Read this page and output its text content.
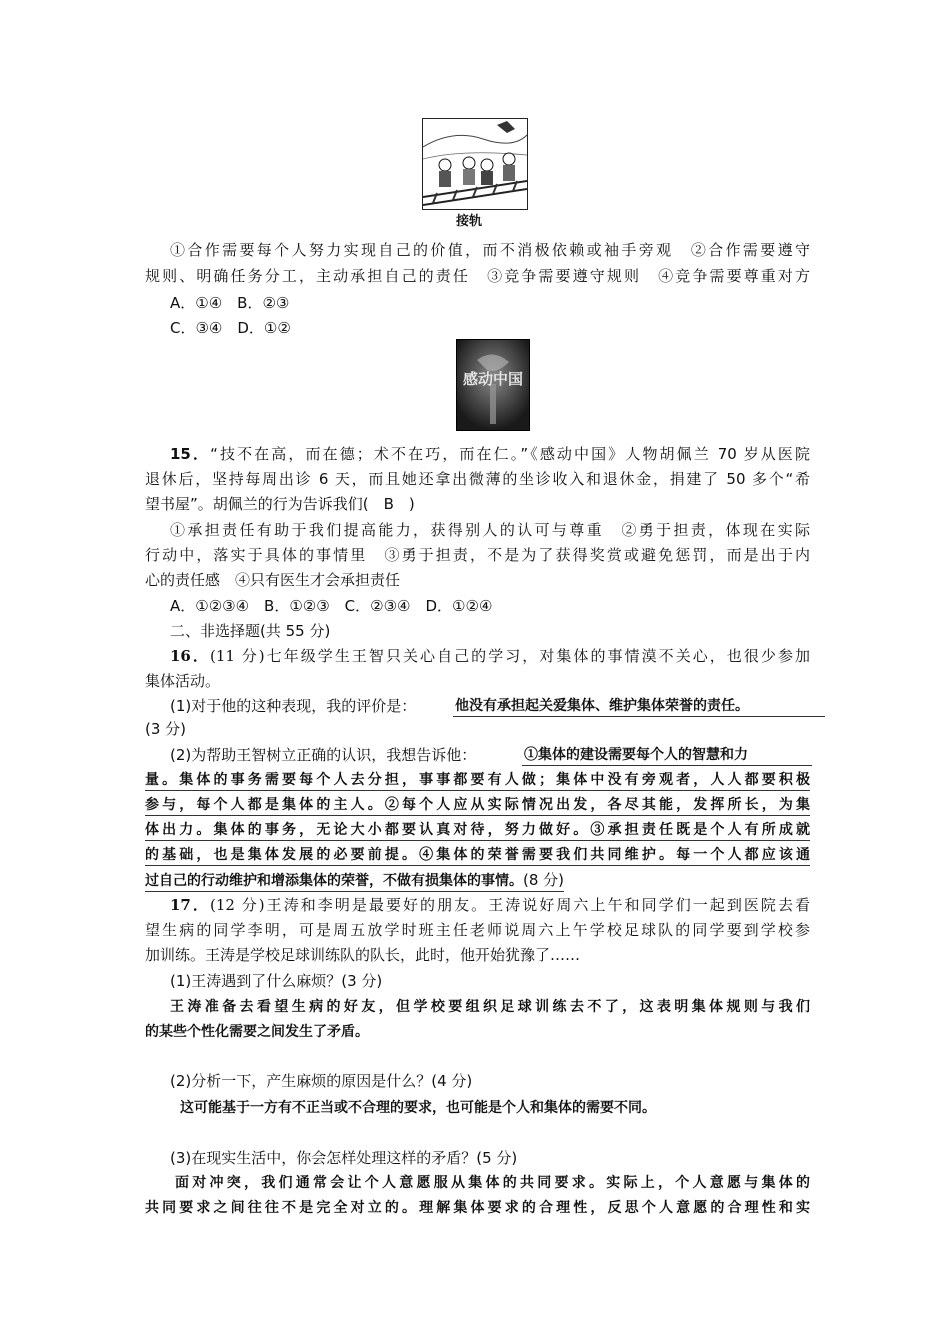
接轨
①合作需要每个人努力实现自己的价值，而不消极依赖或袖手旁观　②合作需要遵守
规则、明确任务分工，主动承担自己的责任　③竞争需要遵守规则　④竞争需要尊重对方
A．①④　B．②③
C．③④　D．①②
感动中国
15．“技不在高，而在德；术不在巧，而在仁。”《感动中国》人物胡佩兰 70 岁从医院
退休后，坚持每周出诊 6 天，而且她还拿出微薄的坐诊收入和退休金，捐建了 50 多个“希
望书屋”。胡佩兰的行为告诉我们(　B　)
①承担责任有助于我们提高能力，获得别人的认可与尊重　②勇于担责，体现在实际
行动中，落实于具体的事情里　③勇于担责，不是为了获得奖赏或避免惩罚，而是出于内
心的责任感　④只有医生才会承担责任
A．①②③④　B．①②③　C．②③④　D．①②④
二、非选择题(共 55 分)
16．(11 分)七年级学生王智只关心自己的学习，对集体的事情漠不关心，也很少参加
集体活动。
(1)对于他的这种表现，我的评价是：	他没有承担起关爱集体、维护集体荣誉的责任。
(3 分)
(2)为帮助王智树立正确的认识，我想告诉他：	①集体的建设需要每个人的智慧和力
量。集体的事务需要每个人去分担，事事都要有人做；集体中没有旁观者，人人都要积极
参与，每个人都是集体的主人。②每个人应从实际情况出发，各尽其能，发挥所长，为集
体出力。集体的事务，无论大小都要认真对待，努力做好。③承担责任既是个人有所成就
的基础，也是集体发展的必要前提。④集体的荣誉需要我们共同维护。每一个人都应该通
过自己的行动维护和增添集体的荣誉，不做有损集体的事情。(8 分)
17．(12 分)王涛和李明是最要好的朋友。王涛说好周六上午和同学们一起到医院去看
望生病的同学李明，可是周五放学时班主任老师说周六上午学校足球队的同学要到学校参
加训练。王涛是学校足球训练队的队长，此时，他开始犹豫了……
(1)王涛遇到了什么麻烦？(3 分)
王涛准备去看望生病的好友，但学校要组织足球训练去不了，这表明集体规则与我们
的某些个性化需要之间发生了矛盾。
(2)分析一下，产生麻烦的原因是什么？(4 分)
这可能基于一方有不正当或不合理的要求，也可能是个人和集体的需要不同。
(3)在现实生活中，你会怎样处理这样的矛盾？(5 分)
面对冲突，我们通常会让个人意愿服从集体的共同要求。实际上，个人意愿与集体的
共同要求之间往往不是完全对立的。理解集体要求的合理性，反思个人意愿的合理性和实
